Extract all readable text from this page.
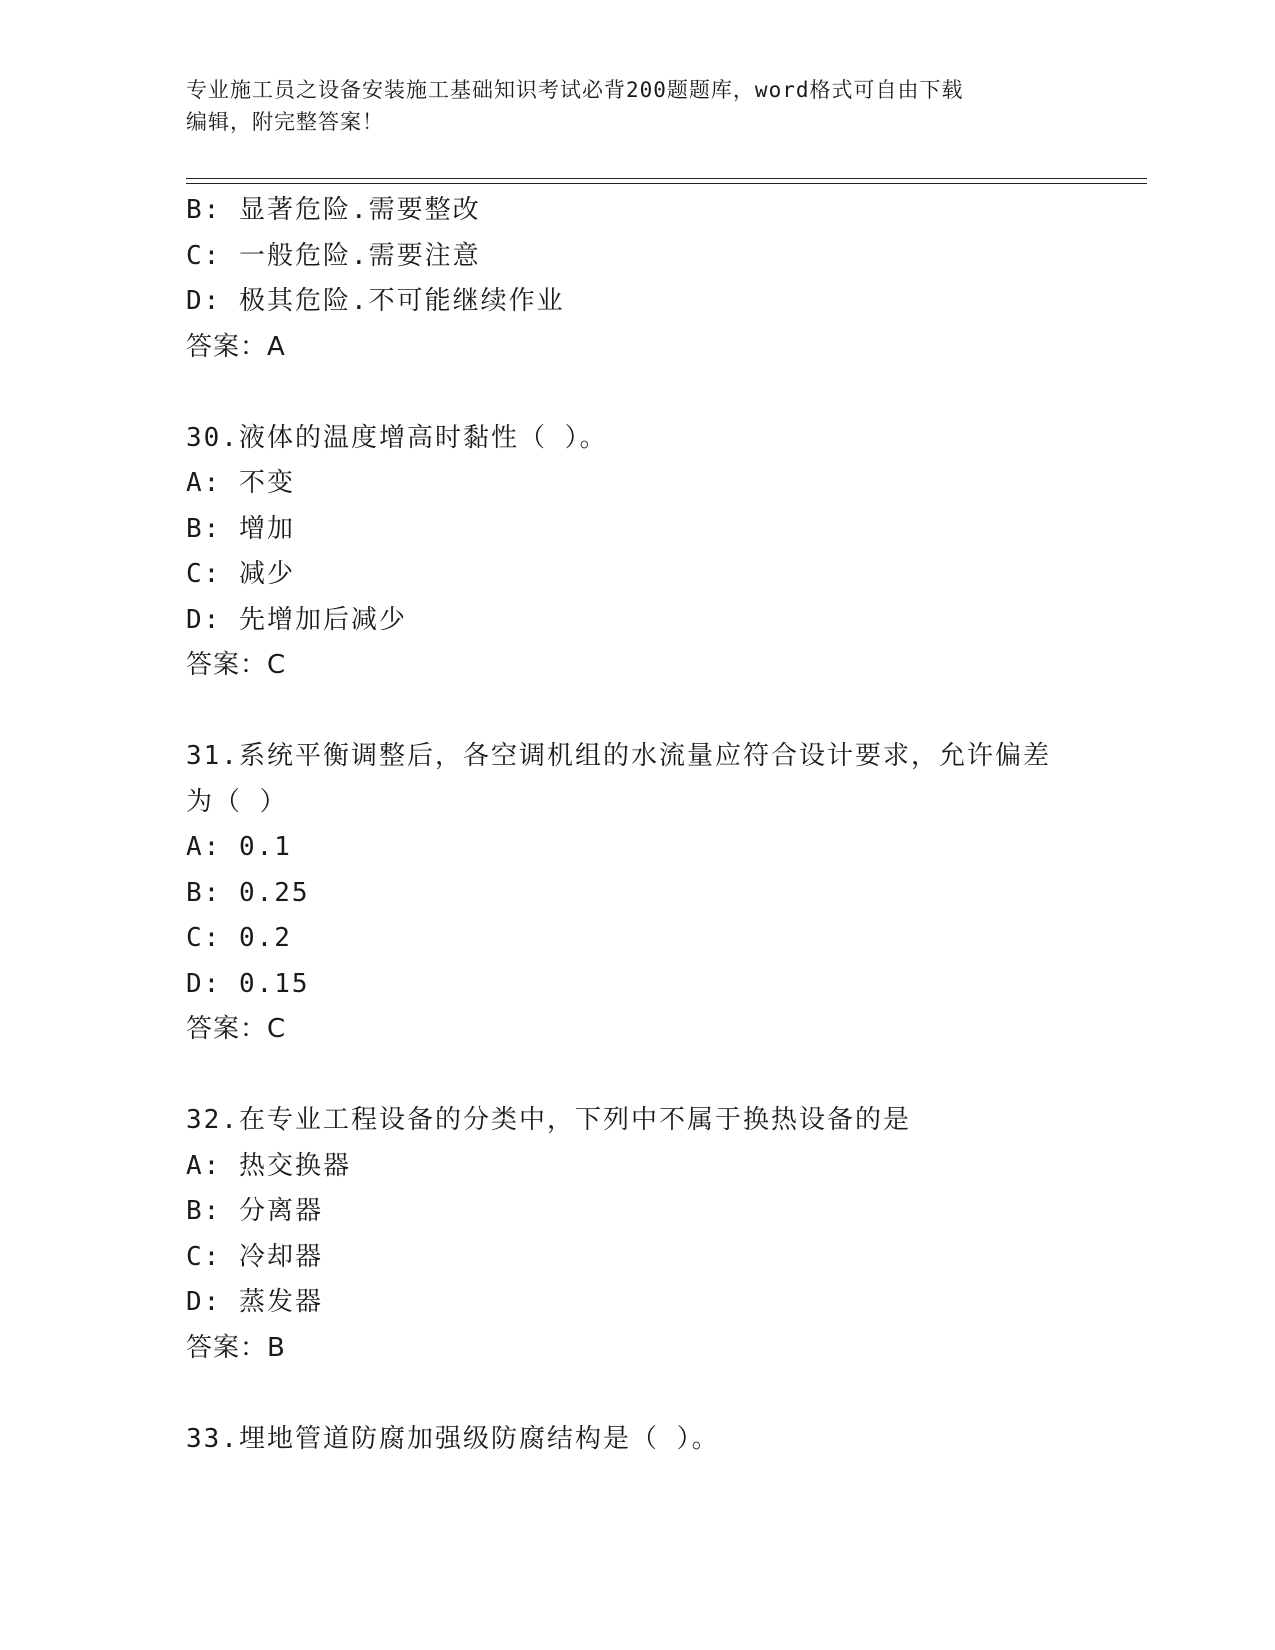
专业施工员之设备安装施工基础知识考试必背200题题库，word格式可自由下载
编辑，附完整答案！
B: 显著危险.需要整改
C: 一般危险.需要注意
D: 极其危险.不可能继续作业
答案：A
30.液体的温度增高时黏性（ ）。
A: 不变
B: 增加
C: 减少
D: 先增加后减少
答案：C
31.系统平衡调整后，各空调机组的水流量应符合设计要求，允许偏差
为（ ）
A: 0.1
B: 0.25
C: 0.2
D: 0.15
答案：C
32.在专业工程设备的分类中，下列中不属于换热设备的是
A: 热交换器
B: 分离器
C: 冷却器
D: 蒸发器
答案：B
33.埋地管道防腐加强级防腐结构是（ ）。
